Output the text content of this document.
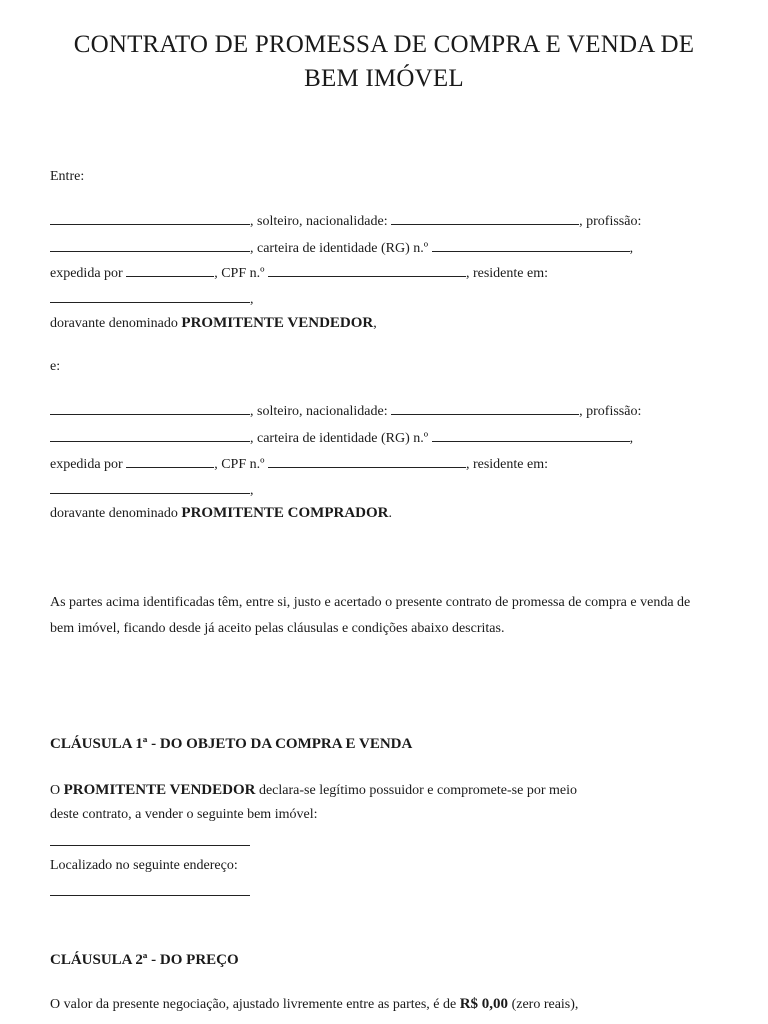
CONTRATO DE PROMESSA DE COMPRA E VENDA DE
BEM IMÓVEL
Entre:
, solteiro, nacionalidade:	, profissão:
, carteira de identidade (RG) n.º	,
expedida por	, CPF n.º	, residente em:
,
doravante denominado PROMITENTE VENDEDOR,
e:
, solteiro, nacionalidade:	, profissão:
, carteira de identidade (RG) n.º	,
expedida por	, CPF n.º	, residente em:
,
doravante denominado PROMITENTE COMPRADOR.
As partes acima identificadas têm, entre si, justo e acertado o presente contrato de promessa de compra e venda de bem imóvel, ficando desde já aceito pelas cláusulas e condições abaixo descritas.
CLÁUSULA 1ª - DO OBJETO DA COMPRA E VENDA
O PROMITENTE VENDEDOR declara-se legítimo possuidor e compromete-se por meio
deste contrato, a vender o seguinte bem imóvel:
Localizado no seguinte endereço:
CLÁUSULA 2ª - DO PREÇO
O valor da presente negociação, ajustado livremente entre as partes, é de R$ 0,00 (zero reais),
